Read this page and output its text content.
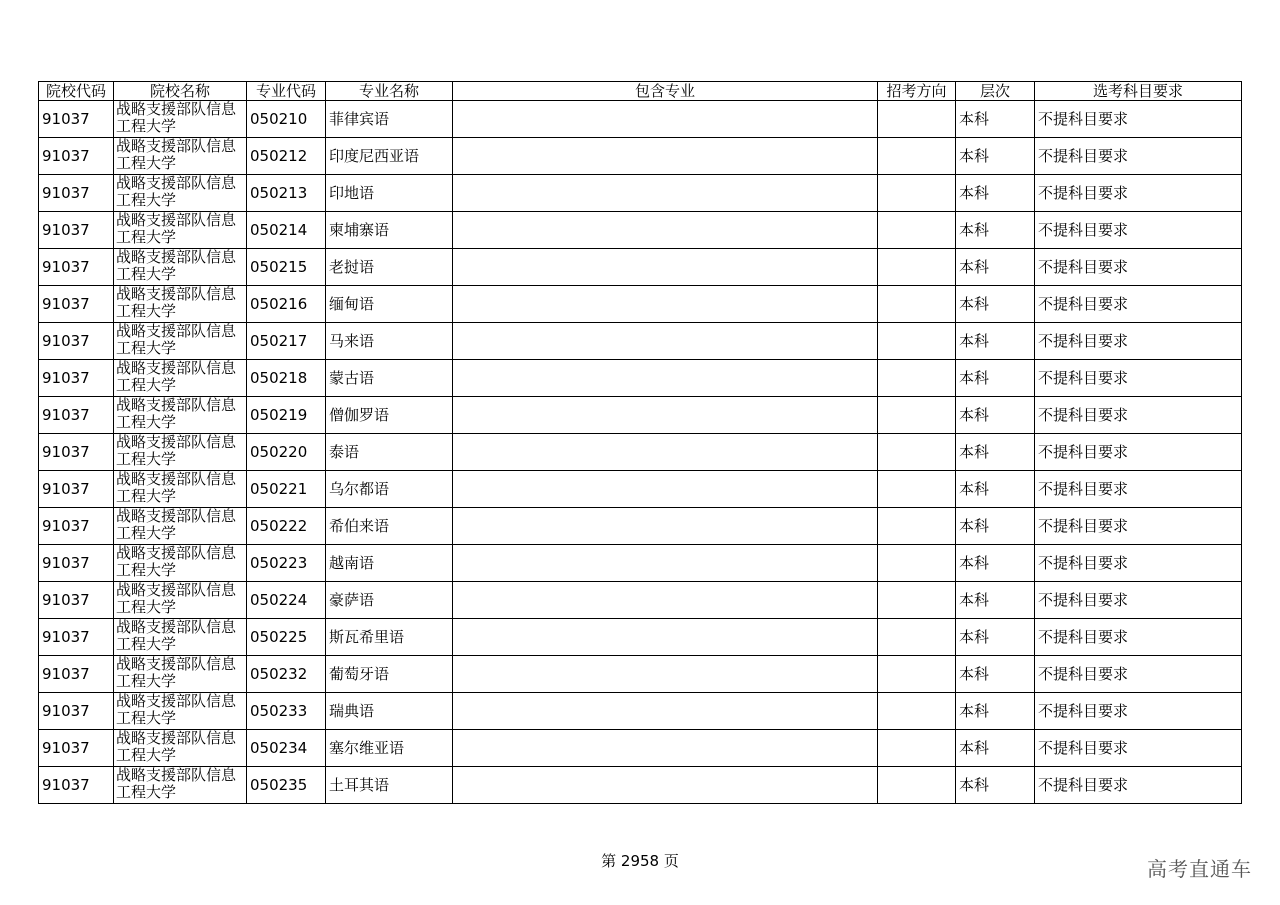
院校代码	院校名称	专业代码	专业名称	包含专业	招考方向	层次	选考科目要求
91037	战略支援部队信息工程大学	050210	菲律宾语			本科	不提科目要求
91037	战略支援部队信息工程大学	050212	印度尼西亚语			本科	不提科目要求
91037	战略支援部队信息工程大学	050213	印地语			本科	不提科目要求
91037	战略支援部队信息工程大学	050214	柬埔寨语			本科	不提科目要求
91037	战略支援部队信息工程大学	050215	老挝语			本科	不提科目要求
91037	战略支援部队信息工程大学	050216	缅甸语			本科	不提科目要求
91037	战略支援部队信息工程大学	050217	马来语			本科	不提科目要求
91037	战略支援部队信息工程大学	050218	蒙古语			本科	不提科目要求
91037	战略支援部队信息工程大学	050219	僧伽罗语			本科	不提科目要求
91037	战略支援部队信息工程大学	050220	泰语			本科	不提科目要求
91037	战略支援部队信息工程大学	050221	乌尔都语			本科	不提科目要求
91037	战略支援部队信息工程大学	050222	希伯来语			本科	不提科目要求
91037	战略支援部队信息工程大学	050223	越南语			本科	不提科目要求
91037	战略支援部队信息工程大学	050224	豪萨语			本科	不提科目要求
91037	战略支援部队信息工程大学	050225	斯瓦希里语			本科	不提科目要求
91037	战略支援部队信息工程大学	050232	葡萄牙语			本科	不提科目要求
91037	战略支援部队信息工程大学	050233	瑞典语			本科	不提科目要求
91037	战略支援部队信息工程大学	050234	塞尔维亚语			本科	不提科目要求
91037	战略支援部队信息工程大学	050235	土耳其语			本科	不提科目要求
第 2958 页	高考直通车
